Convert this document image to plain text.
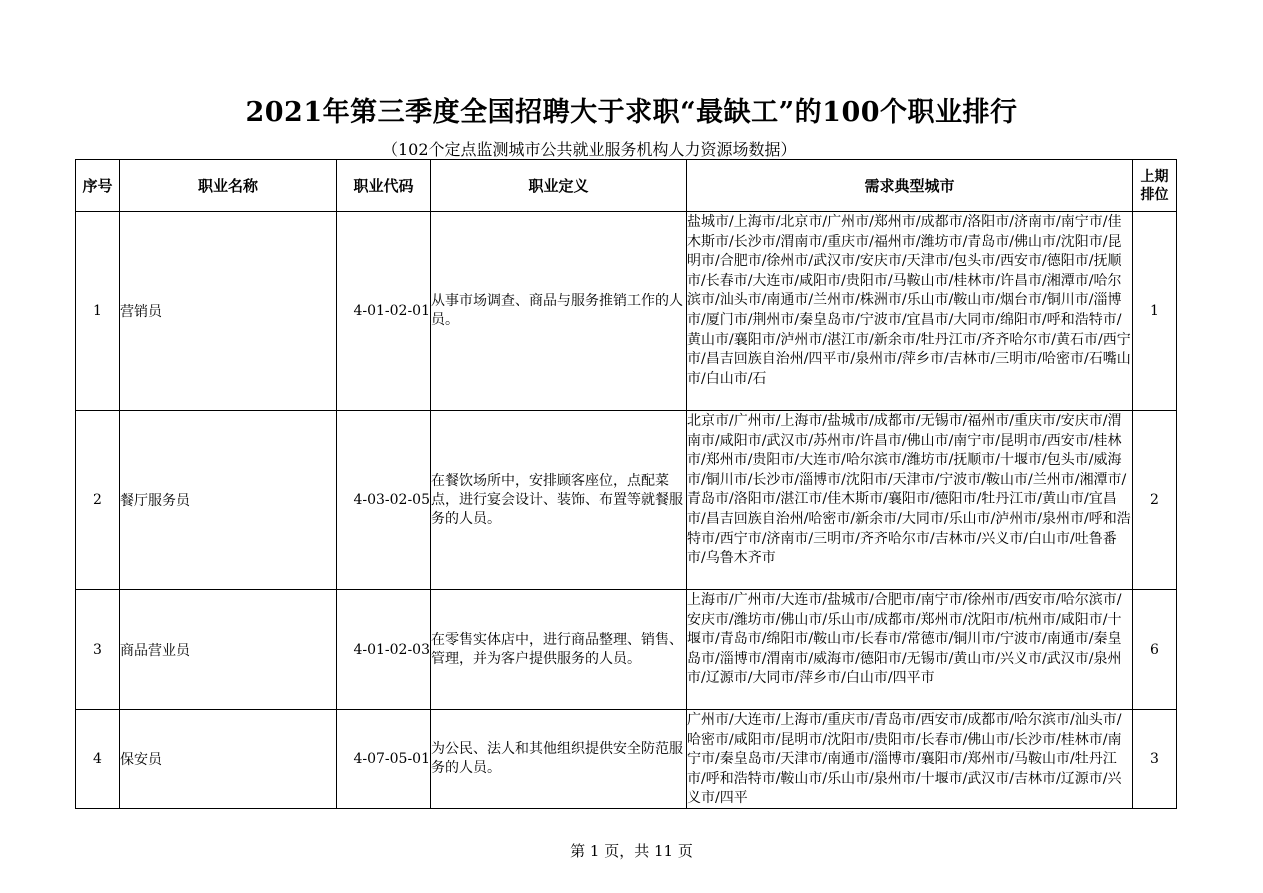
2021年第三季度全国招聘大于求职“最缺工”的100个职业排行
（102个定点监测城市公共就业服务机构人力资源场数据）
序号	职业名称	职业代码	职业定义	需求典型城市	上期
排位
1	营销员	4-01-02-01	从事市场调查、商品与服务推销工作的人员。	盐城市/上海市/北京市/广州市/郑州市/成都市/洛阳市/济南市/南宁市/佳木斯市/长沙市/渭南市/重庆市/福州市/潍坊市/青岛市/佛山市/沈阳市/昆明市/合肥市/徐州市/武汉市/安庆市/天津市/包头市/西安市/德阳市/抚顺市/长春市/大连市/咸阳市/贵阳市/马鞍山市/桂林市/许昌市/湘潭市/哈尔滨市/汕头市/南通市/兰州市/株洲市/乐山市/鞍山市/烟台市/铜川市/淄博市/厦门市/荆州市/秦皇岛市/宁波市/宜昌市/大同市/绵阳市/呼和浩特市/黄山市/襄阳市/泸州市/湛江市/新余市/牡丹江市/齐齐哈尔市/黄石市/西宁市/昌吉回族自治州/四平市/泉州市/萍乡市/吉林市/三明市/哈密市/石嘴山市/白山市/石	1
2	餐厅服务员	4-03-02-05	在餐饮场所中，安排顾客座位，点配菜点，进行宴会设计、装饰、布置等就餐服务的人员。	北京市/广州市/上海市/盐城市/成都市/无锡市/福州市/重庆市/安庆市/渭南市/咸阳市/武汉市/苏州市/许昌市/佛山市/南宁市/昆明市/西安市/桂林市/郑州市/贵阳市/大连市/哈尔滨市/潍坊市/抚顺市/十堰市/包头市/威海市/铜川市/长沙市/淄博市/沈阳市/天津市/宁波市/鞍山市/兰州市/湘潭市/青岛市/洛阳市/湛江市/佳木斯市/襄阳市/德阳市/牡丹江市/黄山市/宜昌市/昌吉回族自治州/哈密市/新余市/大同市/乐山市/泸州市/泉州市/呼和浩特市/西宁市/济南市/三明市/齐齐哈尔市/吉林市/兴义市/白山市/吐鲁番市/乌鲁木齐市	2
3	商品营业员	4-01-02-03	在零售实体店中，进行商品整理、销售、管理，并为客户提供服务的人员。	上海市/广州市/大连市/盐城市/合肥市/南宁市/徐州市/西安市/哈尔滨市/安庆市/潍坊市/佛山市/乐山市/成都市/郑州市/沈阳市/杭州市/咸阳市/十堰市/青岛市/绵阳市/鞍山市/长春市/常德市/铜川市/宁波市/南通市/秦皇岛市/淄博市/渭南市/威海市/德阳市/无锡市/黄山市/兴义市/武汉市/泉州市/辽源市/大同市/萍乡市/白山市/四平市	6
4	保安员	4-07-05-01	为公民、法人和其他组织提供安全防范服务的人员。	广州市/大连市/上海市/重庆市/青岛市/西安市/成都市/哈尔滨市/汕头市/哈密市/咸阳市/昆明市/沈阳市/贵阳市/长春市/佛山市/长沙市/桂林市/南宁市/秦皇岛市/天津市/南通市/淄博市/襄阳市/郑州市/马鞍山市/牡丹江市/呼和浩特市/鞍山市/乐山市/泉州市/十堰市/武汉市/吉林市/辽源市/兴义市/四平	3
第 1 页，共 11 页
